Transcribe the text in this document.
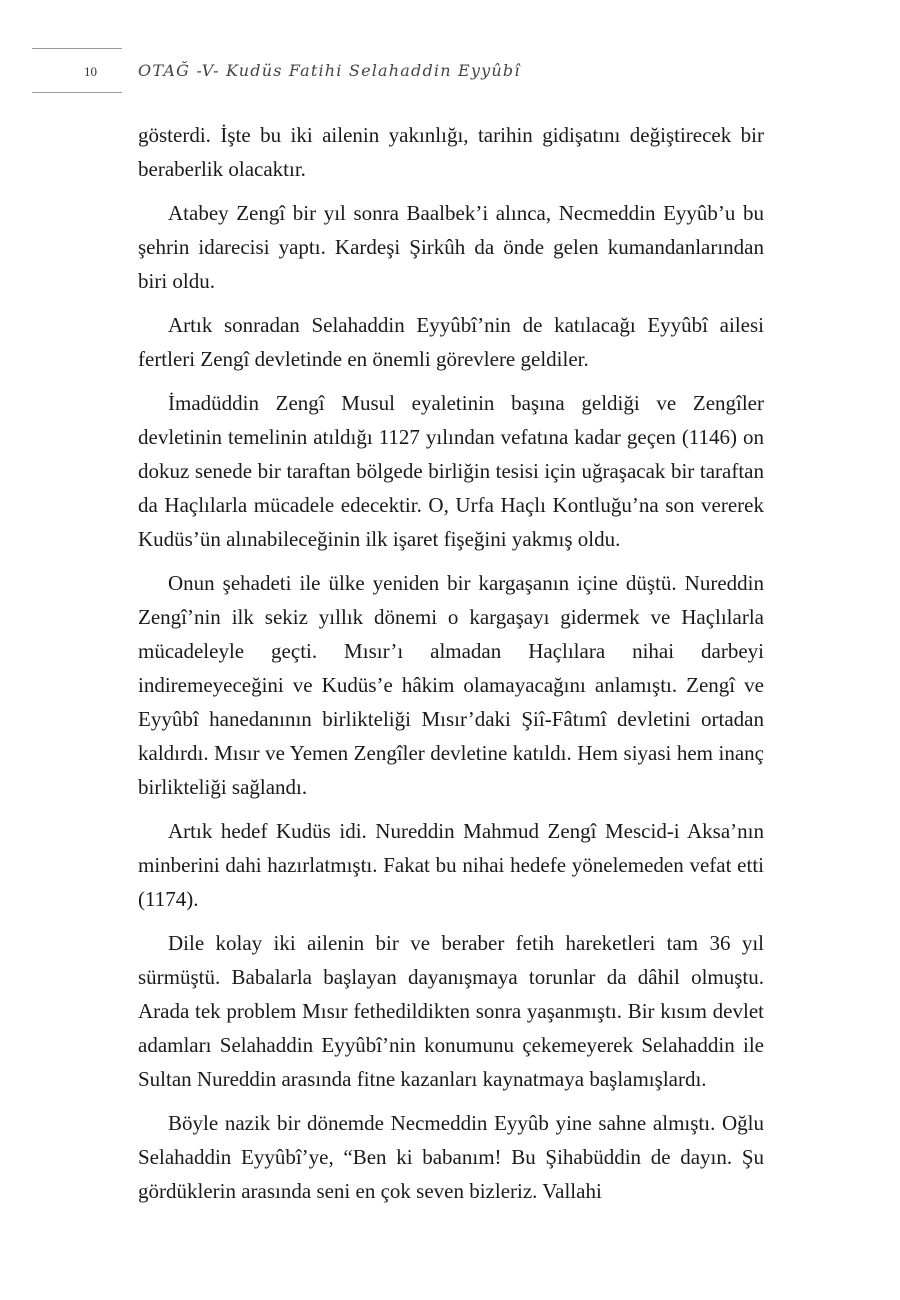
10	OTAĞ -V- Kudüs Fatihi Selahaddin Eyyûbî

gösterdi. İşte bu iki ailenin yakınlığı, tarihin gidişatını değiştirecek bir beraberlik olacaktır.

Atabey Zengî bir yıl sonra Baalbek’i alınca, Necmeddin Eyyûb’u bu şehrin idarecisi yaptı. Kardeşi Şirkûh da önde gelen kumandanlarından biri oldu.

Artık sonradan Selahaddin Eyyûbî’nin de katılacağı Eyyûbî ailesi fertleri Zengî devletinde en önemli görevlere geldiler.

İmadüddin Zengî Musul eyaletinin başına geldiği ve Zengîler devletinin temelinin atıldığı 1127 yılından vefatına kadar geçen (1146) on dokuz senede bir taraftan bölgede birliğin tesisi için uğraşacak bir taraftan da Haçlılarla mücadele edecektir. O, Urfa Haçlı Kontluğu’na son vererek Kudüs’ün alınabileceğinin ilk işaret fişeğini yakmış oldu.

Onun şehadeti ile ülke yeniden bir kargaşanın içine düştü. Nureddin Zengî’nin ilk sekiz yıllık dönemi o kargaşayı gidermek ve Haçlılarla mücadeleyle geçti. Mısır’ı almadan Haçlılara nihai darbeyi indiremeyeceğini ve Kudüs’e hâkim olamayacağını anlamıştı. Zengî ve Eyyûbî hanedanının birlikteliği Mısır’daki Şiî-Fâtımî devletini ortadan kaldırdı. Mısır ve Yemen Zengîler devletine katıldı. Hem siyasi hem inanç birlikteliği sağlandı.

Artık hedef Kudüs idi. Nureddin Mahmud Zengî Mescid-i Aksa’nın minberini dahi hazırlatmıştı. Fakat bu nihai hedefe yönelemeden vefat etti (1174).

Dile kolay iki ailenin bir ve beraber fetih hareketleri tam 36 yıl sürmüştü. Babalarla başlayan dayanışmaya torunlar da dâhil olmuştu. Arada tek problem Mısır fethedildikten sonra yaşanmıştı. Bir kısım devlet adamları Selahaddin Eyyûbî’nin konumunu çekemeyerek Selahaddin ile Sultan Nureddin arasında fitne kazanları kaynatmaya başlamışlardı.

Böyle nazik bir dönemde Necmeddin Eyyûb yine sahne almıştı. Oğlu Selahaddin Eyyûbî’ye, “Ben ki babanım! Bu Şihabüddin de dayın. Şu gördüklerin arasında seni en çok seven bizleriz. Vallahi
